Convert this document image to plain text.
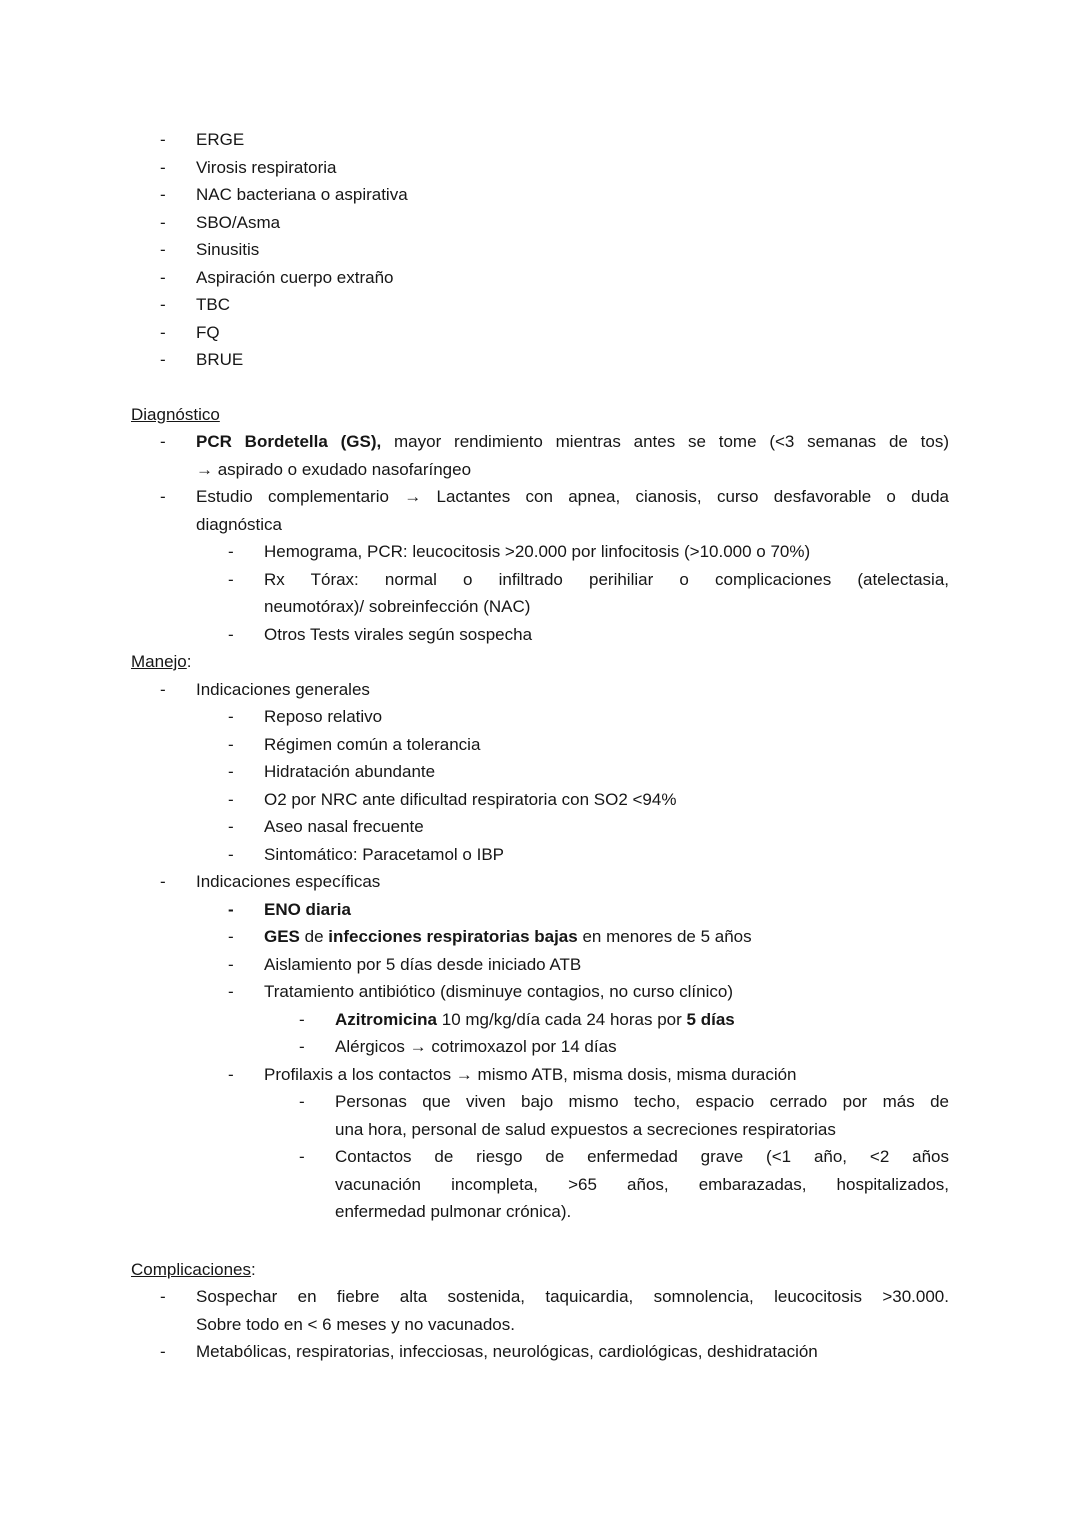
- ERGE
- Virosis respiratoria
- NAC bacteriana o aspirativa
- SBO/Asma
- Sinusitis
- Aspiración cuerpo extraño
- TBC
- FQ
- BRUE
Diagnóstico
- PCR Bordetella (GS), mayor rendimiento mientras antes se tome (<3 semanas de tos)
→ aspirado o exudado nasofaríngeo
- Estudio complementario → Lactantes con apnea, cianosis, curso desfavorable o duda
diagnóstica
- Hemograma, PCR: leucocitosis >20.000 por linfocitosis (>10.000 o 70%)
- Rx Tórax: normal o infiltrado perihiliar o complicaciones (atelectasia,
neumotórax)/ sobreinfección (NAC)
- Otros Tests virales según sospecha
Manejo:
- Indicaciones generales
- Reposo relativo
- Régimen común a tolerancia
- Hidratación abundante
- O2 por NRC ante dificultad respiratoria con SO2 <94%
- Aseo nasal frecuente
- Sintomático: Paracetamol o IBP
- Indicaciones específicas
- ENO diaria
- GES de infecciones respiratorias bajas en menores de 5 años
- Aislamiento por 5 días desde iniciado ATB
- Tratamiento antibiótico (disminuye contagios, no curso clínico)
- Azitromicina 10 mg/kg/día cada 24 horas por 5 días
- Alérgicos → cotrimoxazol por 14 días
- Profilaxis a los contactos → mismo ATB, misma dosis, misma duración
- Personas que viven bajo mismo techo, espacio cerrado por más de
una hora, personal de salud expuestos a secreciones respiratorias
- Contactos de riesgo de enfermedad grave (<1 año, <2 años
vacunación incompleta, >65 años, embarazadas, hospitalizados,
enfermedad pulmonar crónica).
Complicaciones:
- Sospechar en fiebre alta sostenida, taquicardia, somnolencia, leucocitosis >30.000.
Sobre todo en < 6 meses y no vacunados.
- Metabólicas, respiratorias, infecciosas, neurológicas, cardiológicas, deshidratación
